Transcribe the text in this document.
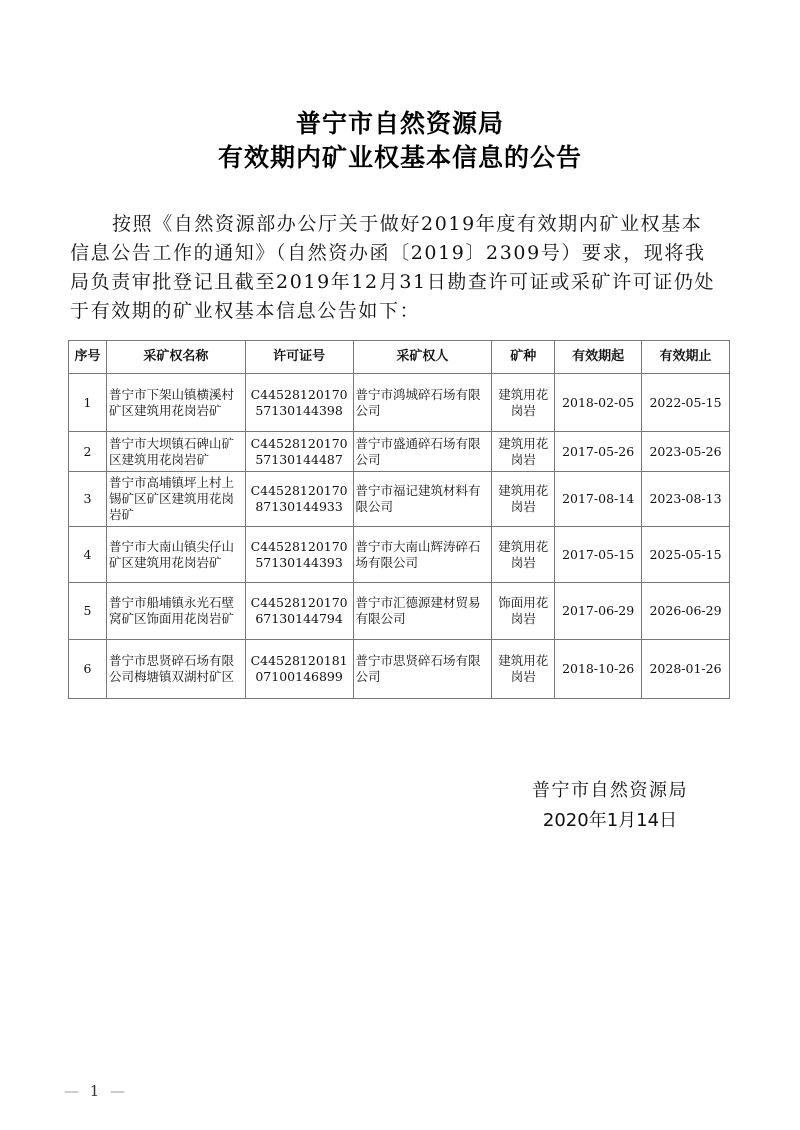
普宁市自然资源局
有效期内矿业权基本信息的公告
按照《自然资源部办公厅关于做好2019年度有效期内矿业权基本
信息公告工作的通知》（自然资办函〔2019〕2309号）要求，现将我
局负责审批登记且截至2019年12月31日勘查许可证或采矿许可证仍处
于有效期的矿业权基本信息公告如下：
序号	采矿权名称	许可证号	采矿权人	矿种	有效期起	有效期止
1	普宁市下架山镇横溪村矿区建筑用花岗岩矿	C4452812017057130144398	普宁市鸿城碎石场有限公司	建筑用花岗岩	2018-02-05	2022-05-15
2	普宁市大坝镇石碑山矿区建筑用花岗岩矿	C4452812017057130144487	普宁市盛通碎石场有限公司	建筑用花岗岩	2017-05-26	2023-05-26
3	普宁市高埔镇坪上村上锡矿区矿区建筑用花岗岩矿	C4452812017087130144933	普宁市福记建筑材料有限公司	建筑用花岗岩	2017-08-14	2023-08-13
4	普宁市大南山镇尖仔山矿区建筑用花岗岩矿	C4452812017057130144393	普宁市大南山辉涛碎石场有限公司	建筑用花岗岩	2017-05-15	2025-05-15
5	普宁市船埔镇永光石壁窝矿区饰面用花岗岩矿	C4452812017067130144794	普宁市汇德源建材贸易有限公司	饰面用花岗岩	2017-06-29	2026-06-29
6	普宁市思贤碎石场有限公司梅塘镇双湖村矿区	C4452812018107100146899	普宁市思贤碎石场有限公司	建筑用花岗岩	2018-10-26	2028-01-26
普宁市自然资源局
2020年1月14日
— 1 —
